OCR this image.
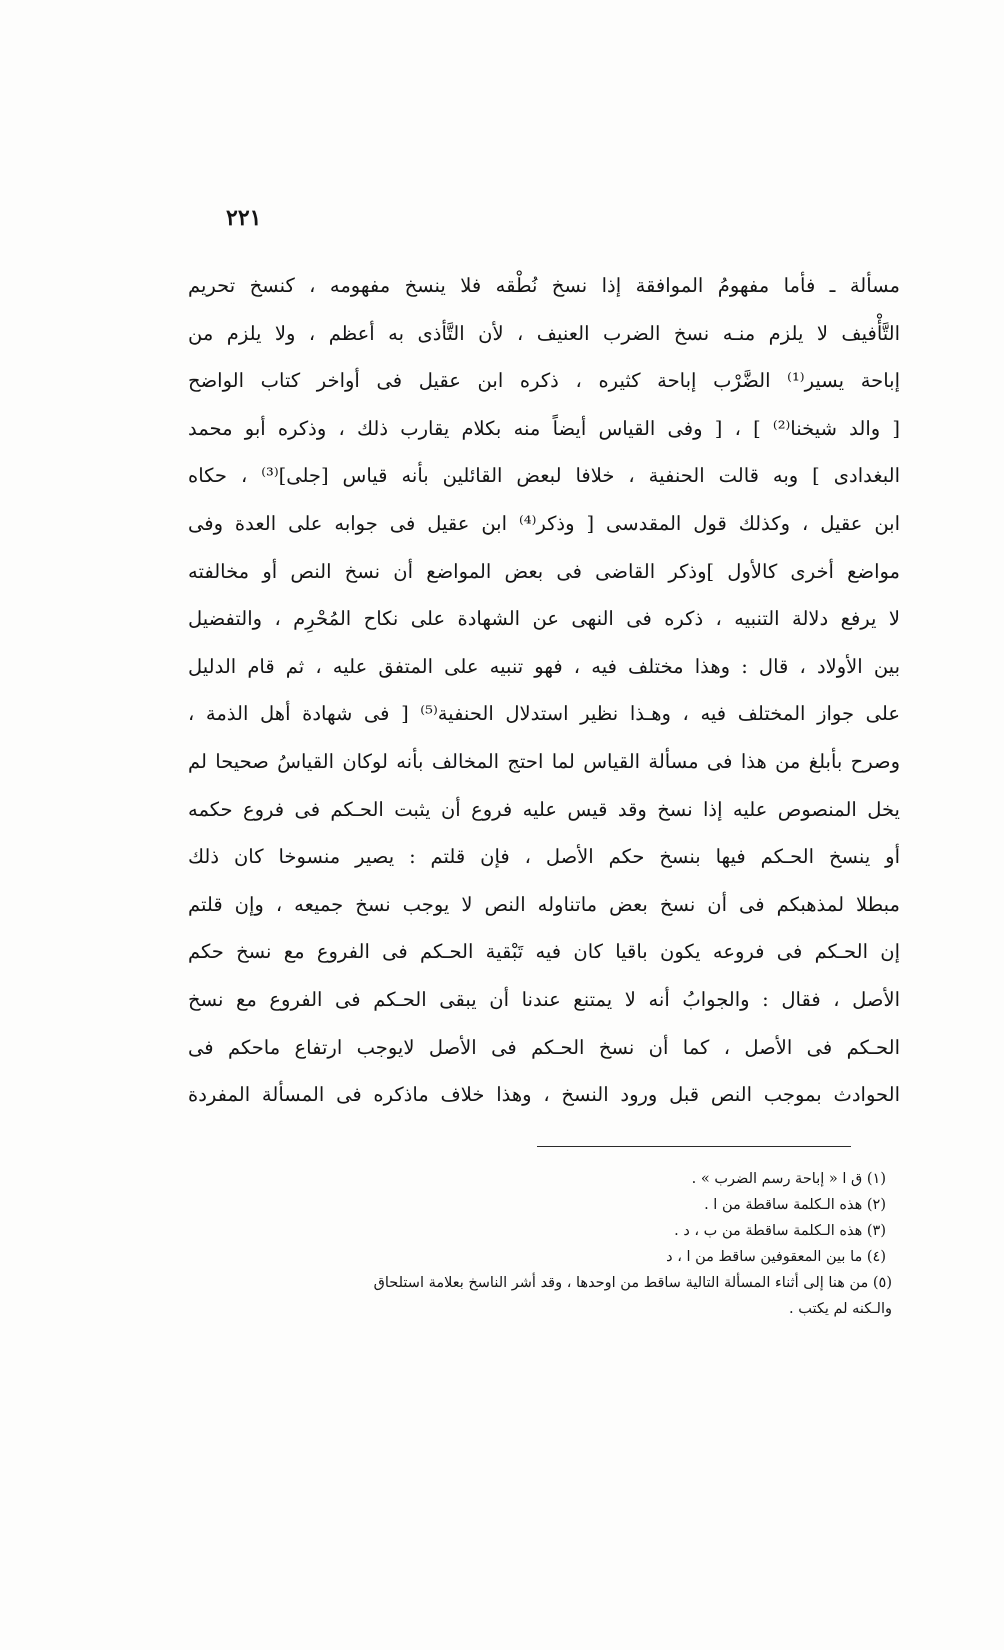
٢٢١
مسألة ـ فأما مفهومُ الموافقة إذا نسخ نُطْقه فلا ينسخ مفهومه ، كنسخ تحريم
التَّأْفيف لا يلزم منـه نسخ الضرب العنيف ، لأن التَّأذى به أعظم ، ولا يلزم من
إباحة يسير⁽¹⁾ الضَّرْب إباحة كثيره ، ذكره ابن عقيل فى أواخر كتاب الواضح
[ والد شيخنا⁽²⁾ ] ، [ وفى القياس أيضاً منه بكلام يقارب ذلك ، وذكره أبو محمد
البغدادى ] وبه قالت الحنفية ، خلافا لبعض القائلين بأنه قياس [جلى]⁽³⁾ ، حكاه
ابن عقيل ، وكذلك قول المقدسى [ وذكر⁽⁴⁾ ابن عقيل فى جوابه على العدة وفى
مواضع أخرى كالأول ]وذكر القاضى فى بعض المواضع أن نسخ النص أو مخالفته
لا يرفع دلالة التنبيه ، ذكره فى النهى عن الشهادة على نكاح المُحْرِم ، والتفضيل
بين الأولاد ، قال : وهذا مختلف فيه ، فهو تنبيه على المتفق عليه ، ثم قام الدليل
على جواز المختلف فيه ، وهـذا نظير استدلال الحنفية⁽⁵⁾ [ فى شهادة أهل الذمة ،
وصرح بأبلغ من هذا فى مسألة القياس لما احتج المخالف بأنه لوكان القياسُ صحيحا لم
يخل المنصوص عليه إذا نسخ وقد قيس عليه فروع أن يثبت الحـكم فى فروع حكمه
أو ينسخ الحـكم فيها بنسخ حكم الأصل ، فإن قلتم : يصير منسوخا كان ذلك
مبطلا لمذهبكم فى أن نسخ بعض ماتناوله النص لا يوجب نسخ جميعه ، وإن قلتم
إن الحـكم فى فروعه يكون باقيا كان فيه تَبْقية الحـكم فى الفروع مع نسخ حكم
الأصل ، فقال : والجوابُ أنه لا يمتنع عندنا أن يبقى الحـكم فى الفروع مع نسخ
الحـكم فى الأصل ، كما أن نسخ الحـكم فى الأصل لايوجب ارتفاع ماحكم فى
الحوادث بموجب النص قبل ورود النسخ ، وهذا خلاف ماذكره فى المسألة المفردة
(١) ق ا « إباحة رسم الضرب » .
(٢) هذه الـكلمة ساقطة من ا .
(٣) هذه الـكلمة ساقطة من ب ، د .
(٤) ما بين المعقوفين ساقط من ا ، د
(٥) من هنا إلى أثناء المسألة التالية ساقط من اوحدها ، وقد أشر الناسخ بعلامة استلحاق
والـكنه لم يكتب .
